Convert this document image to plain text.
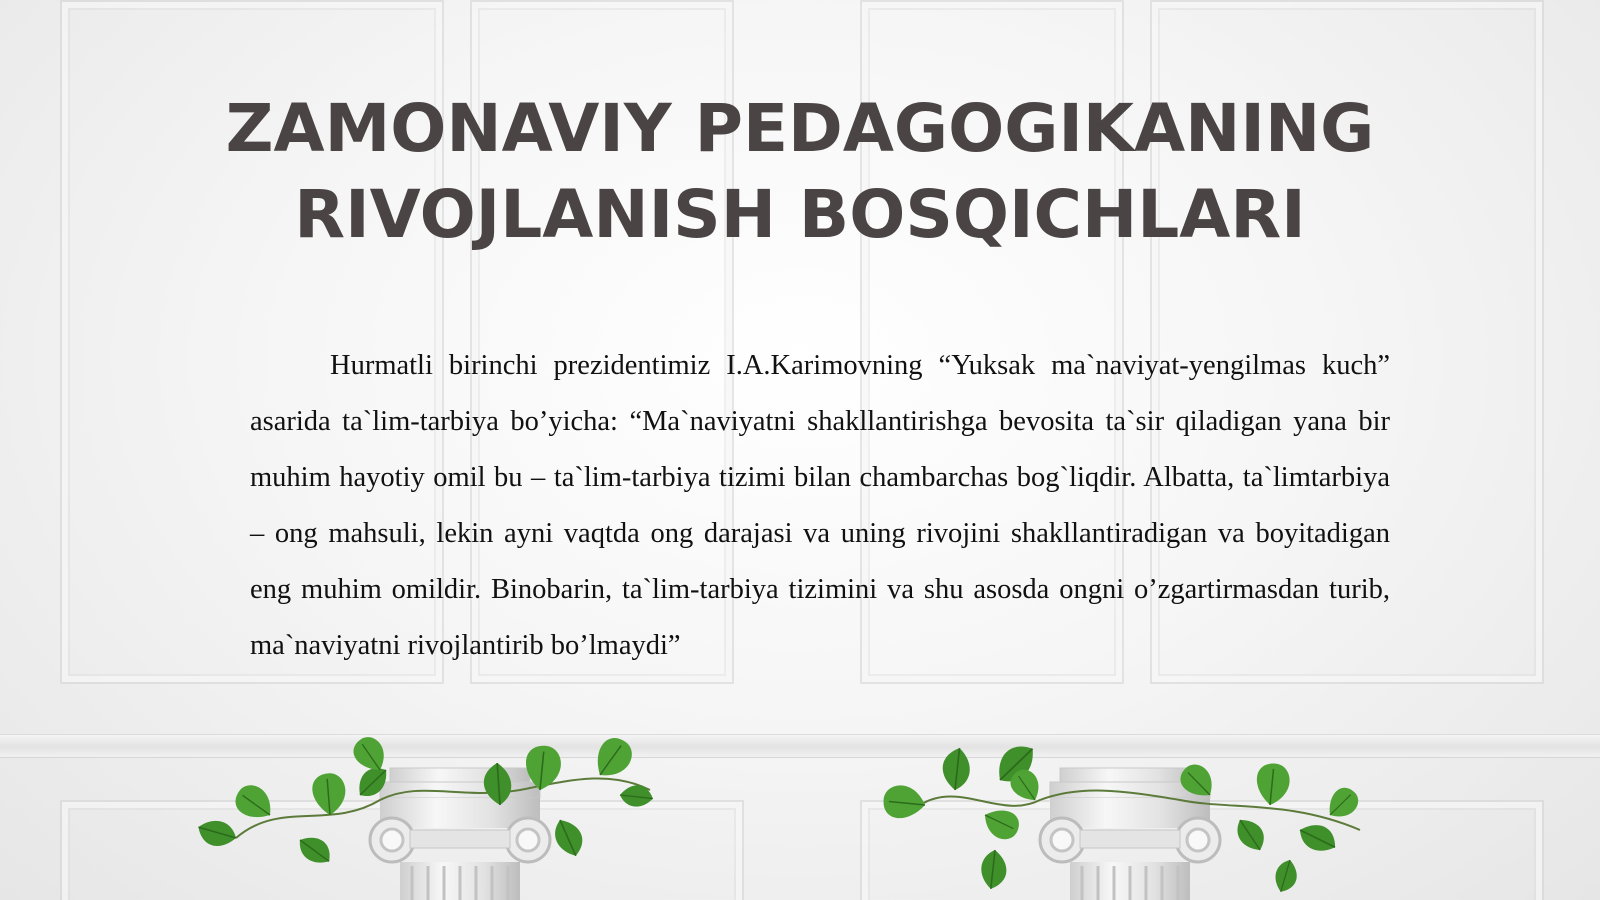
ZAMONAVIY PEDAGOGIKANING
RIVOJLANISH BOSQICHLARI

Hurmatli birinchi prezidentimiz I.A.Karimovning “Yuksak ma`naviyat-yengilmas kuch” asarida ta`lim-tarbiya bo’yicha: “Ma`naviyatni shakllantirishga bevosita ta`sir qiladigan yana bir muhim hayotiy omil bu – ta`lim-tarbiya tizimi bilan chambarchas bog`liqdir. Albatta, ta`limtarbiya – ong mahsuli, lekin ayni vaqtda ong darajasi va uning rivojini shakllantiradigan va boyitadigan eng muhim omildir. Binobarin, ta`lim-tarbiya tizimini va shu asosda ongni o’zgartirmasdan turib, ma`naviyatni rivojlantirib bo’lmaydi”
